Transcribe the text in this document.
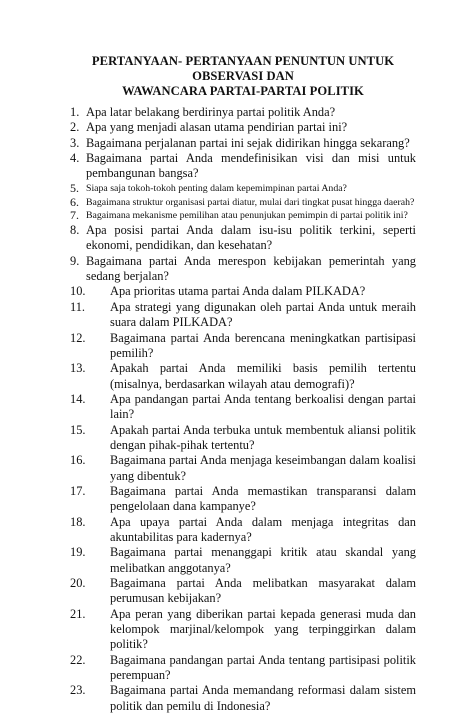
PERTANYAAN- PERTANYAAN PENUNTUN UNTUK OBSERVASI DAN
WAWANCARA PARTAI-PARTAI POLITIK
1. Apa latar belakang berdirinya partai politik Anda?
2. Apa yang menjadi alasan utama pendirian partai ini?
3. Bagaimana perjalanan partai ini sejak didirikan hingga sekarang?
4. Bagaimana partai Anda mendefinisikan visi dan misi untuk pembangunan bangsa?
5. Siapa saja tokoh-tokoh penting dalam kepemimpinan partai Anda?
6. Bagaimana struktur organisasi partai diatur, mulai dari tingkat pusat hingga daerah?
7. Bagaimana mekanisme pemilihan atau penunjukan pemimpin di partai politik ini?
8. Apa posisi partai Anda dalam isu-isu politik terkini, seperti ekonomi, pendidikan, dan kesehatan?
9. Bagaimana partai Anda merespon kebijakan pemerintah yang sedang berjalan?
10. Apa prioritas utama partai Anda dalam PILKADA?
11. Apa strategi yang digunakan oleh partai Anda untuk meraih suara dalam PILKADA?
12. Bagaimana partai Anda berencana meningkatkan partisipasi pemilih?
13. Apakah partai Anda memiliki basis pemilih tertentu (misalnya, berdasarkan wilayah atau demografi)?
14. Apa pandangan partai Anda tentang berkoalisi dengan partai lain?
15. Apakah partai Anda terbuka untuk membentuk aliansi politik dengan pihak-pihak tertentu?
16. Bagaimana partai Anda menjaga keseimbangan dalam koalisi yang dibentuk?
17. Bagaimana partai Anda memastikan transparansi dalam pengelolaan dana kampanye?
18. Apa upaya partai Anda dalam menjaga integritas dan akuntabilitas para kadernya?
19. Bagaimana partai menanggapi kritik atau skandal yang melibatkan anggotanya?
20. Bagaimana partai Anda melibatkan masyarakat dalam perumusan kebijakan?
21. Apa peran yang diberikan partai kepada generasi muda dan kelompok marjinal/kelompok yang terpinggirkan dalam politik?
22. Bagaimana pandangan partai Anda tentang partisipasi politik perempuan?
23. Bagaimana partai Anda memandang reformasi dalam sistem politik dan pemilu di Indonesia?
